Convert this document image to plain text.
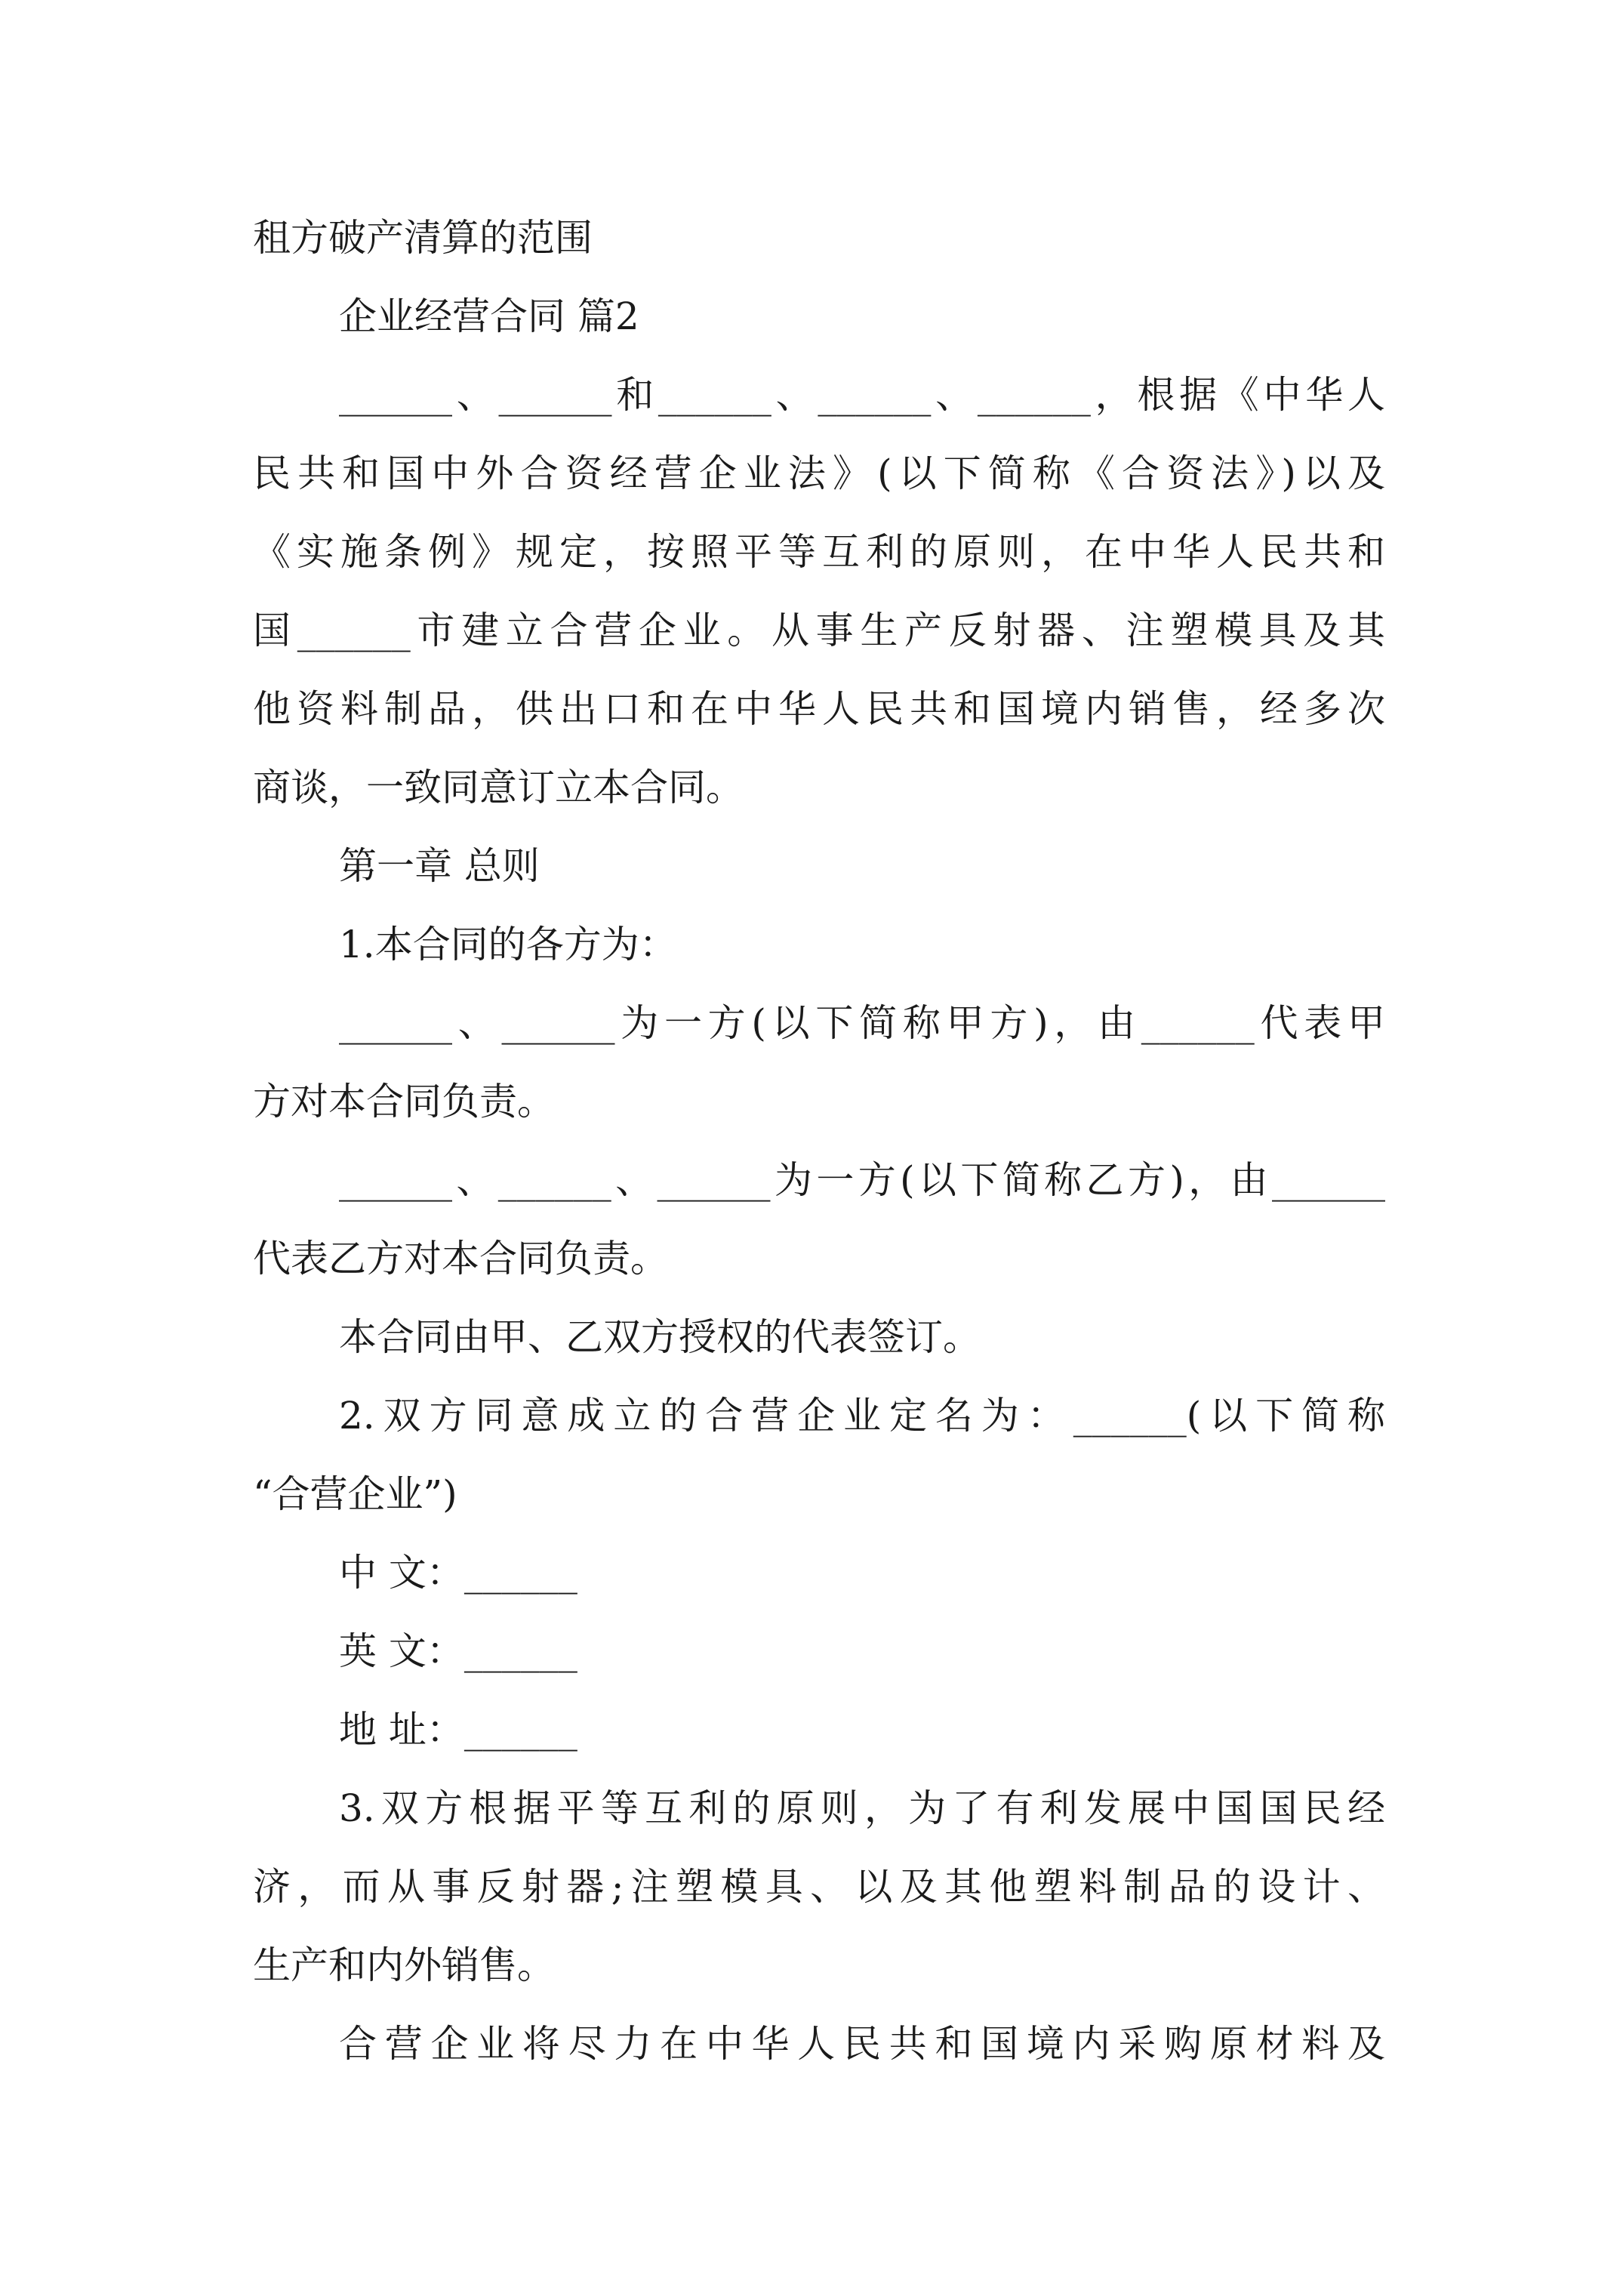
租方破产清算的范围
企业经营合同 篇2
______、______和______、______、______，根据《中华人
民共和国中外合资经营企业法》(以下简称《合资法》)以及
《实施条例》规定，按照平等互利的原则，在中华人民共和
国______市建立合营企业。从事生产反射器、注塑模具及其
他资料制品，供出口和在中华人民共和国境内销售，经多次
商谈，一致同意订立本合同。
第一章 总则
1.本合同的各方为：
______、______为一方(以下简称甲方)，由______代表甲
方对本合同负责。
______、______、______为一方(以下简称乙方)，由______
代表乙方对本合同负责。
本合同由甲、乙双方授权的代表签订。
2.双方同意成立的合营企业定名为：______(以下简称
“合营企业”)
中 文：______
英 文：______
地 址：______
3.双方根据平等互利的原则，为了有利发展中国国民经
济，而从事反射器;注塑模具、以及其他塑料制品的设计、
生产和内外销售。
合营企业将尽力在中华人民共和国境内采购原材料及
